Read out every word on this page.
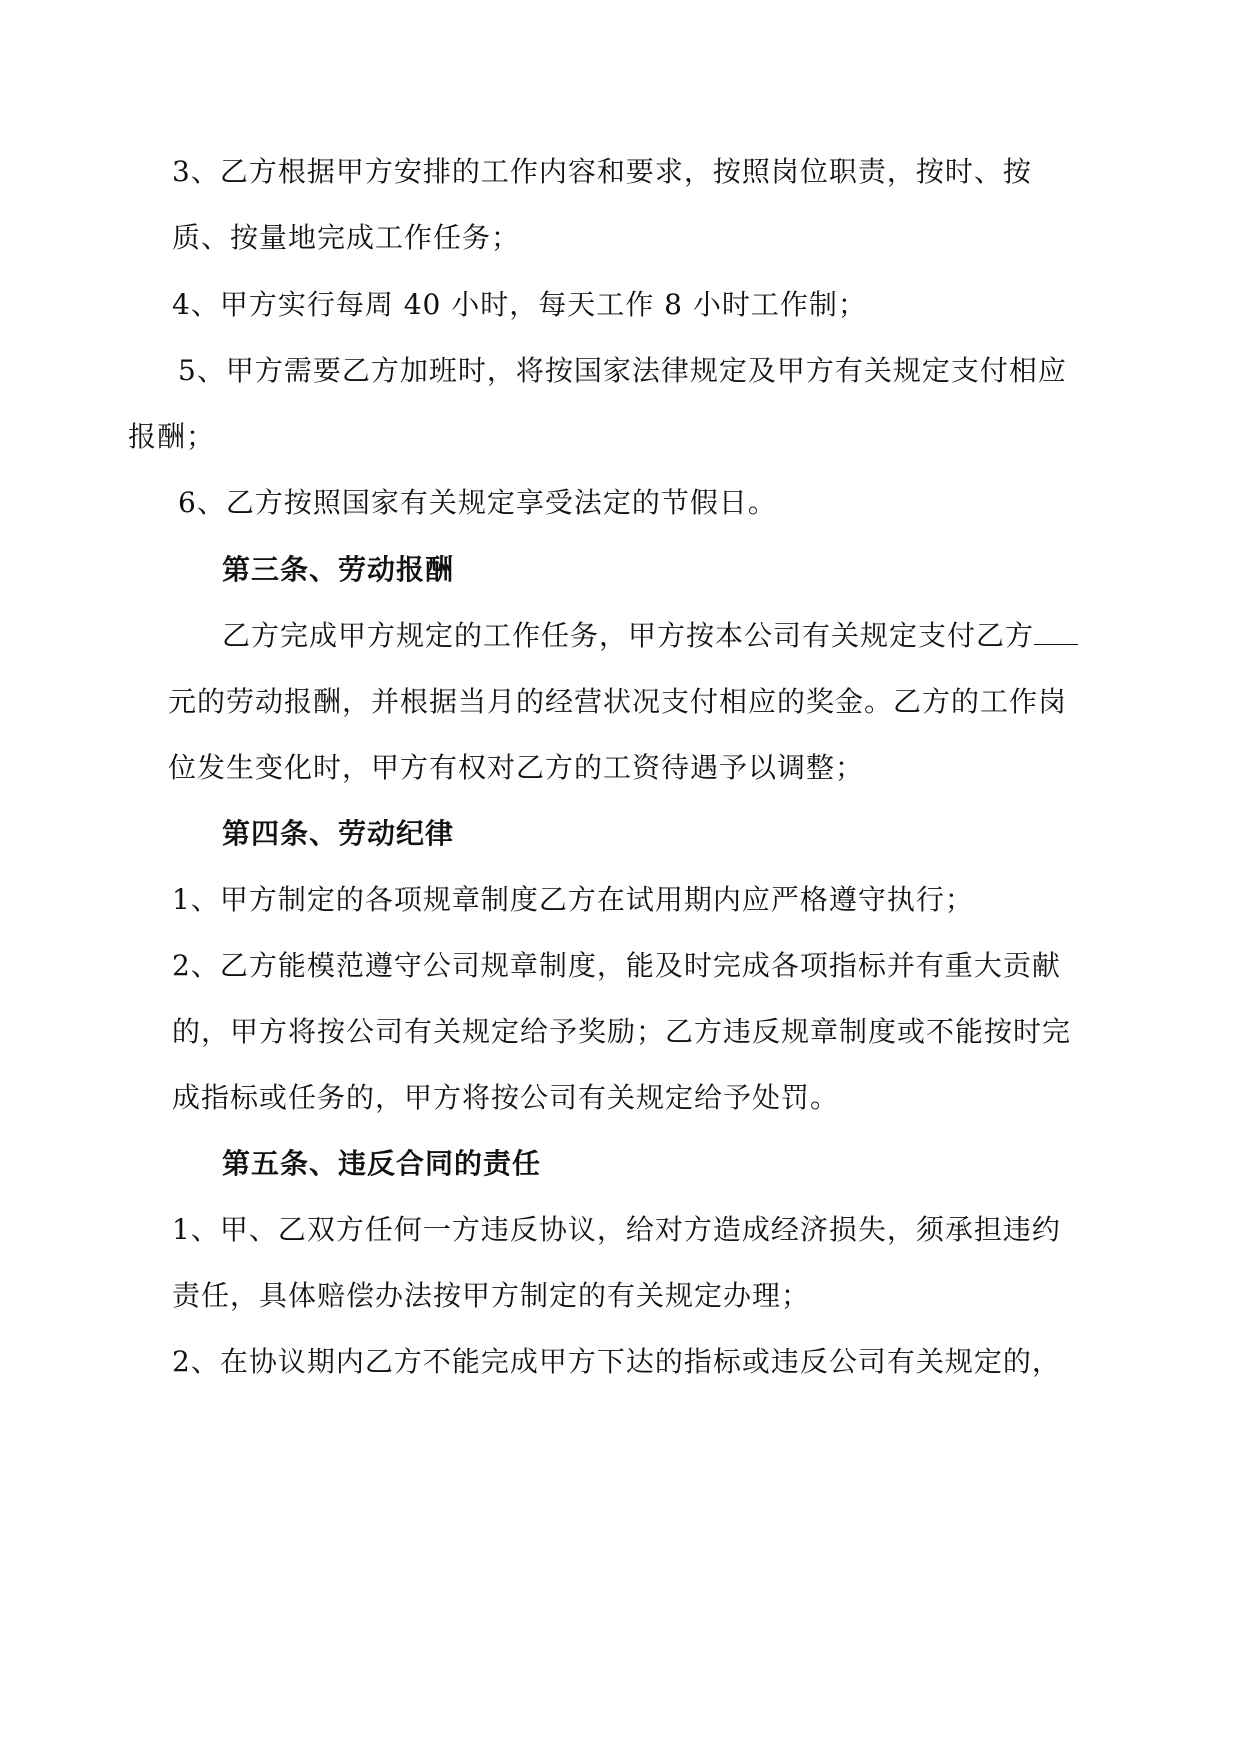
3、乙方根据甲方安排的工作内容和要求，按照岗位职责，按时、按
质、按量地完成工作任务；
4、甲方实行每周 40 小时，每天工作 8 小时工作制；
5、甲方需要乙方加班时，将按国家法律规定及甲方有关规定支付相应
报酬；
6、乙方按照国家有关规定享受法定的节假日。
第三条、劳动报酬
乙方完成甲方规定的工作任务，甲方按本公司有关规定支付乙方
元的劳动报酬，并根据当月的经营状况支付相应的奖金。乙方的工作岗
位发生变化时，甲方有权对乙方的工资待遇予以调整；
第四条、劳动纪律
1、甲方制定的各项规章制度乙方在试用期内应严格遵守执行；
2、乙方能模范遵守公司规章制度，能及时完成各项指标并有重大贡献
的，甲方将按公司有关规定给予奖励；乙方违反规章制度或不能按时完
成指标或任务的，甲方将按公司有关规定给予处罚。
第五条、违反合同的责任
1、甲、乙双方任何一方违反协议，给对方造成经济损失，须承担违约
责任，具体赔偿办法按甲方制定的有关规定办理；
2、在协议期内乙方不能完成甲方下达的指标或违反公司有关规定的，
